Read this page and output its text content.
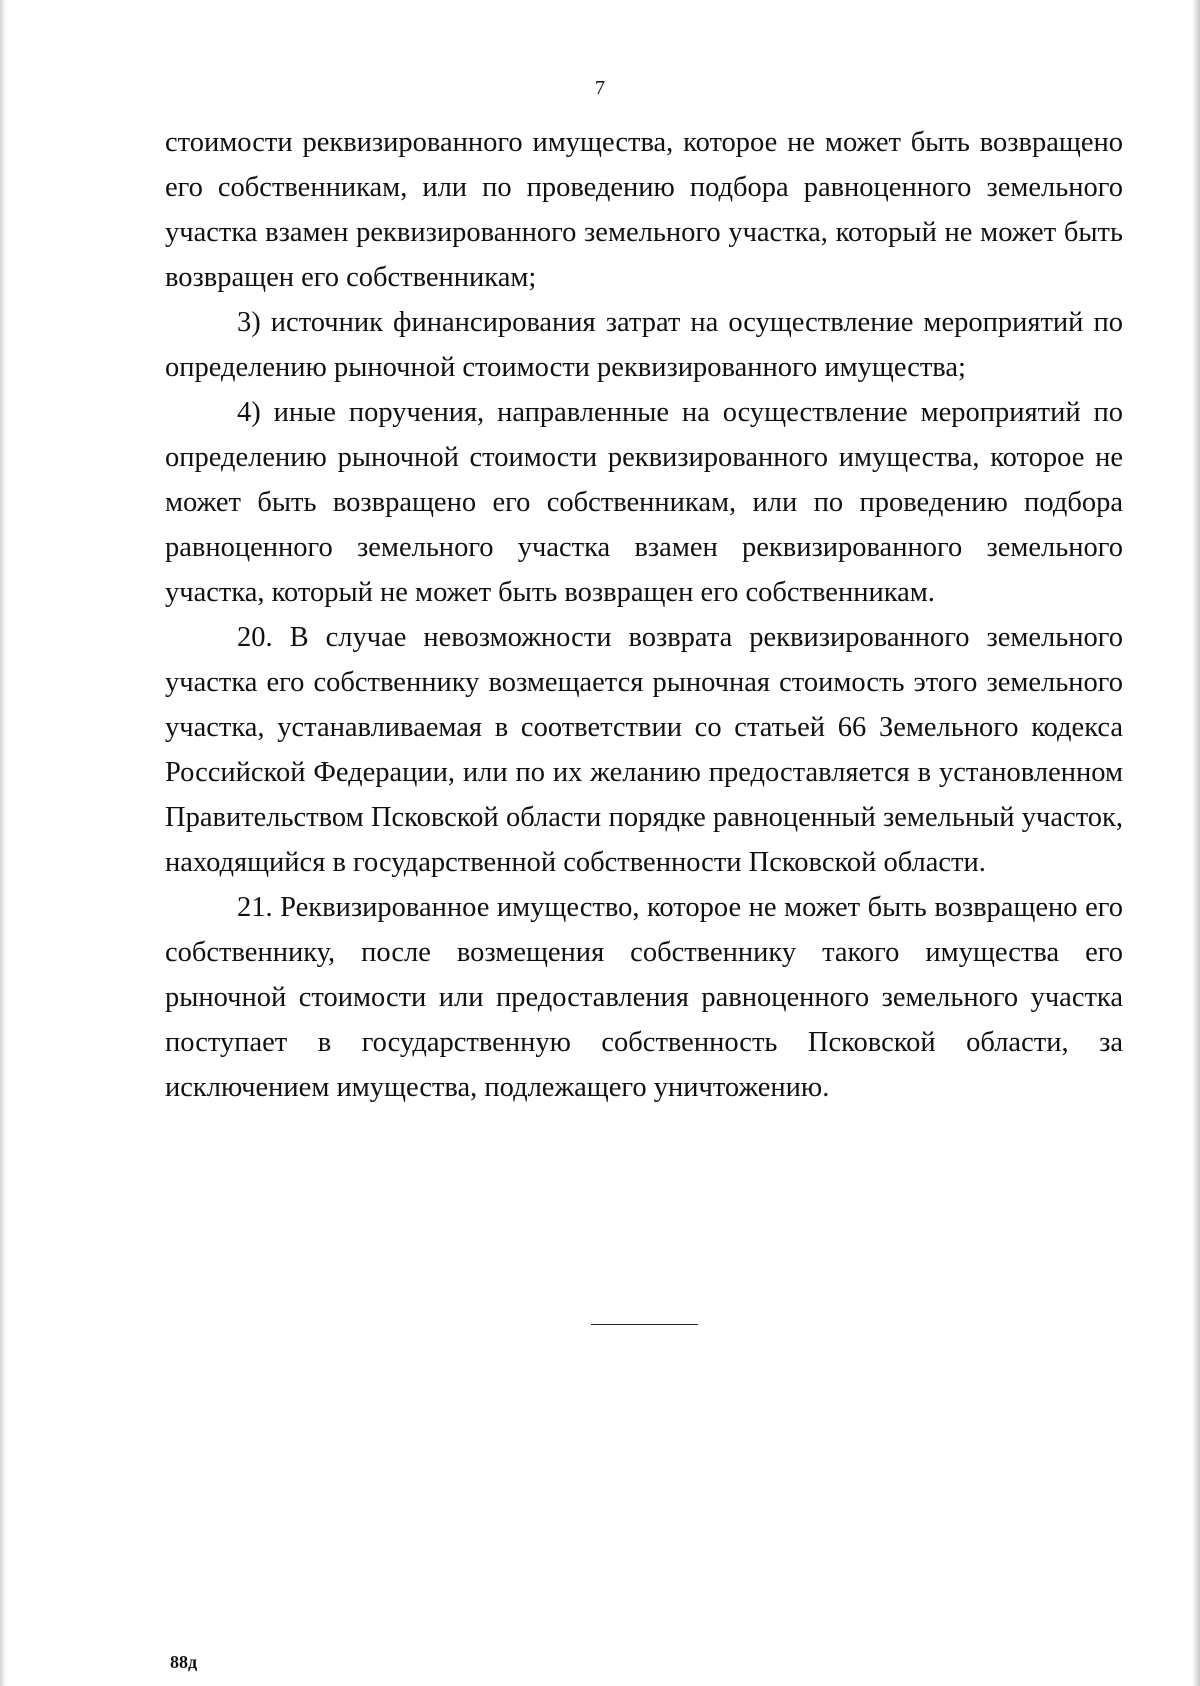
7

стоимости реквизированного имущества, которое не может быть возвращено его собственникам, или по проведению подбора равноценного земельного участка взамен реквизированного земельного участка, который не может быть возвращен его собственникам;

3) источник финансирования затрат на осуществление мероприятий по определению рыночной стоимости реквизированного имущества;

4) иные поручения, направленные на осуществление мероприятий по определению рыночной стоимости реквизированного имущества, которое не может быть возвращено его собственникам, или по проведению подбора равноценного земельного участка взамен реквизированного земельного участка, который не может быть возвращен его собственникам.

20. В случае невозможности возврата реквизированного земельного участка его собственнику возмещается рыночная стоимость этого земельного участка, устанавливаемая в соответствии со статьей 66 Земельного кодекса Российской Федерации, или по их желанию предоставляется в установленном Правительством Псковской области порядке равноценный земельный участок, находящийся в государственной собственности Псковской области.

21. Реквизированное имущество, которое не может быть возвращено его собственнику, после возмещения собственнику такого имущества его рыночной стоимости или предоставления равноценного земельного участка поступает в государственную собственность Псковской области, за исключением имущества, подлежащего уничтожению.

88д
